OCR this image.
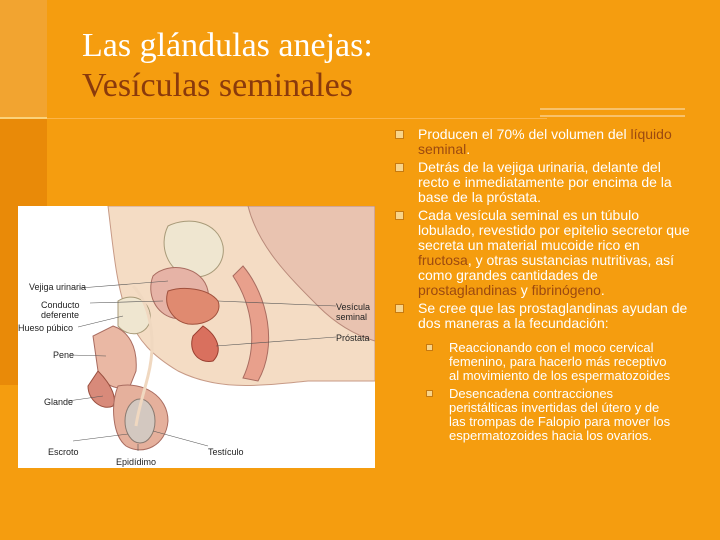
Las glándulas anejas:
Vesículas seminales
Vejiga urinaria
Conducto deferente
Hueso púbico
Pene
Glande
Escroto
Epidídimo
Testículo
Vesícula seminal
Próstata
Producen el 70% del volumen del líquido seminal.
Detrás de la vejiga urinaria, delante del recto e inmediatamente por encima de la base de la próstata.
Cada vesícula seminal es un túbulo lobulado, revestido por epitelio secretor que secreta un material mucoide rico en fructosa, y otras sustancias nutritivas, así como grandes cantidades de prostaglandinas y fibrinógeno.
Se cree que las prostaglandinas ayudan de dos maneras a la fecundación:
Reaccionando con el moco cervical femenino, para hacerlo más receptivo al movimiento de los espermatozoides
Desencadena contracciones peristálticas invertidas del útero y de las trompas de Falopio para mover los espermatozoides hacia los ovarios.
